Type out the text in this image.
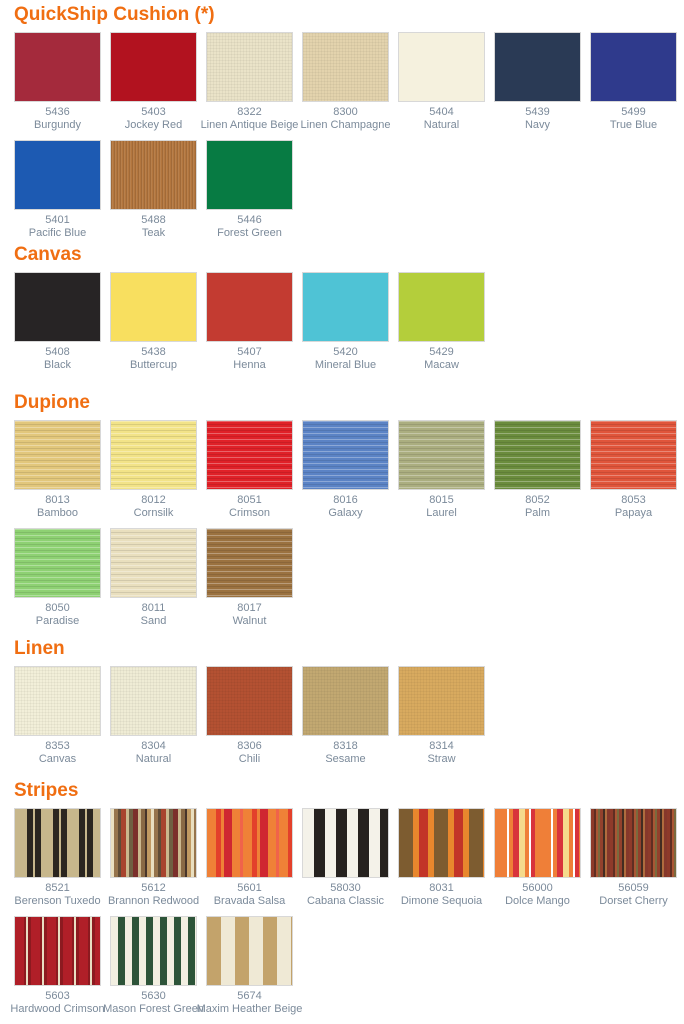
QuickShip Cushion (*)
5436
Burgundy
5403
Jockey Red
8322
Linen Antique Beige
8300
Linen Champagne
5404
Natural
5439
Navy
5499
True Blue
5401
Pacific Blue
5488
Teak
5446
Forest Green
Canvas
5408
Black
5438
Buttercup
5407
Henna
5420
Mineral Blue
5429
Macaw
Dupione
8013
Bamboo
8012
Cornsilk
8051
Crimson
8016
Galaxy
8015
Laurel
8052
Palm
8053
Papaya
8050
Paradise
8011
Sand
8017
Walnut
Linen
8353
Canvas
8304
Natural
8306
Chili
8318
Sesame
8314
Straw
Stripes
8521
Berenson Tuxedo
5612
Brannon Redwood
5601
Bravada Salsa
58030
Cabana Classic
8031
Dimone Sequoia
56000
Dolce Mango
56059
Dorset Cherry
5603
Hardwood Crimson
5630
Mason Forest Green
5674
Maxim Heather Beige
